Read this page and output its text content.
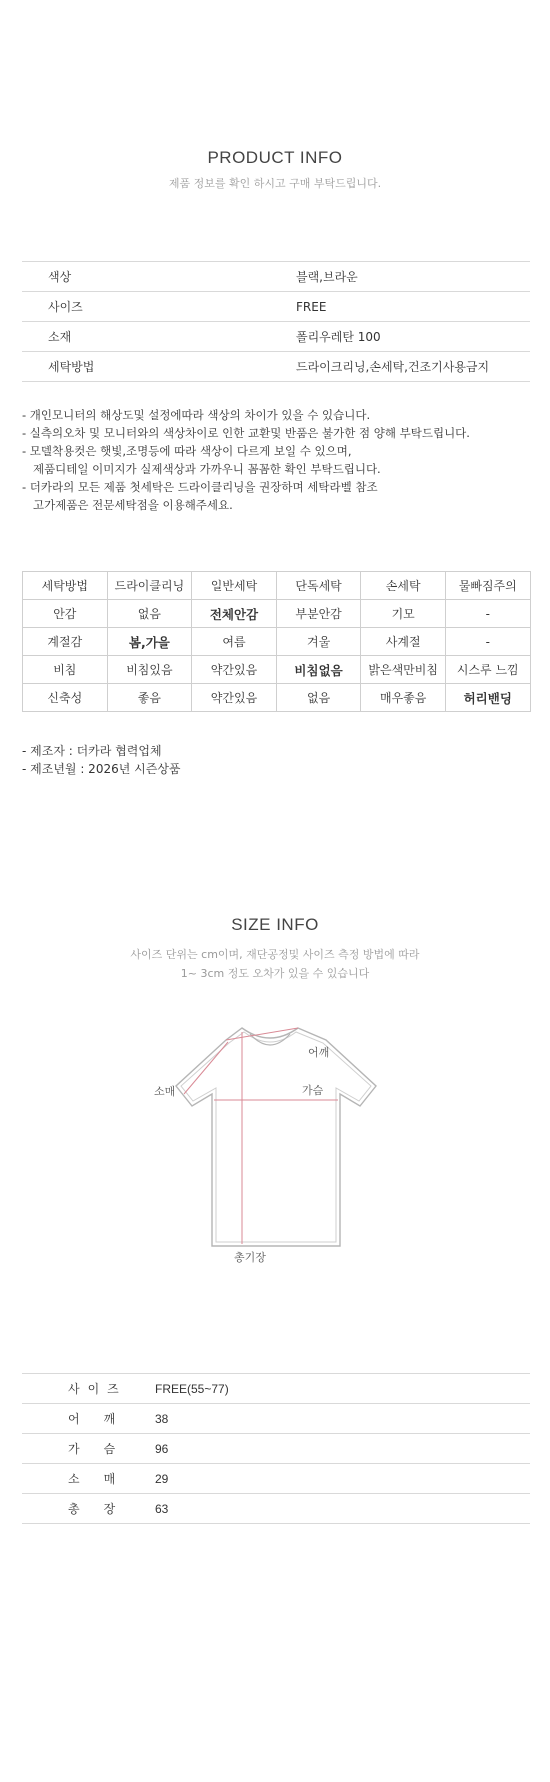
PRODUCT INFO
제품 정보를 확인 하시고 구매 부탁드립니다.
색상	블랙,브라운
사이즈	FREE
소재	폴리우레탄 100
세탁방법	드라이크리닝,손세탁,건조기사용금지
- 개인모니터의 해상도및 설정에따라 색상의 차이가 있을 수 있습니다.
- 실측의오차 및 모니터와의 색상차이로 인한 교환및 반품은 불가한 점 양해 부탁드립니다.
- 모델착용컷은 햇빛,조명등에 따라 색상이 다르게 보일 수 있으며,
제품디테일 이미지가 실제색상과 가까우니 꼼꼼한 확인 부탁드립니다.
- 더카라의 모든 제품 첫세탁은 드라이클리닝을 권장하며 세탁라벨 참조
고가제품은 전문세탁점을 이용해주세요.
세탁방법	드라이클리닝	일반세탁	단독세탁	손세탁	물빠짐주의
안감	없음	전체안감	부분안감	기모	-
계절감	봄,가을	여름	겨울	사계절	-
비침	비침있음	약간있음	비침없음	밝은색만비침	시스루 느낌
신축성	좋음	약간있음	없음	매우좋음	허리밴딩
- 제조자 : 더카라 협력업체
- 제조년월 : 2026년 시즌상품
SIZE INFO
사이즈 단위는 cm이며, 재단공정및 사이즈 측정 방법에 따라
1~ 3cm 정도 오차가 있을 수 있습니다
어깨
가슴
소매
총기장
사이즈	FREE(55~77)
어깨	38
가슴	96
소매	29
총장	63
